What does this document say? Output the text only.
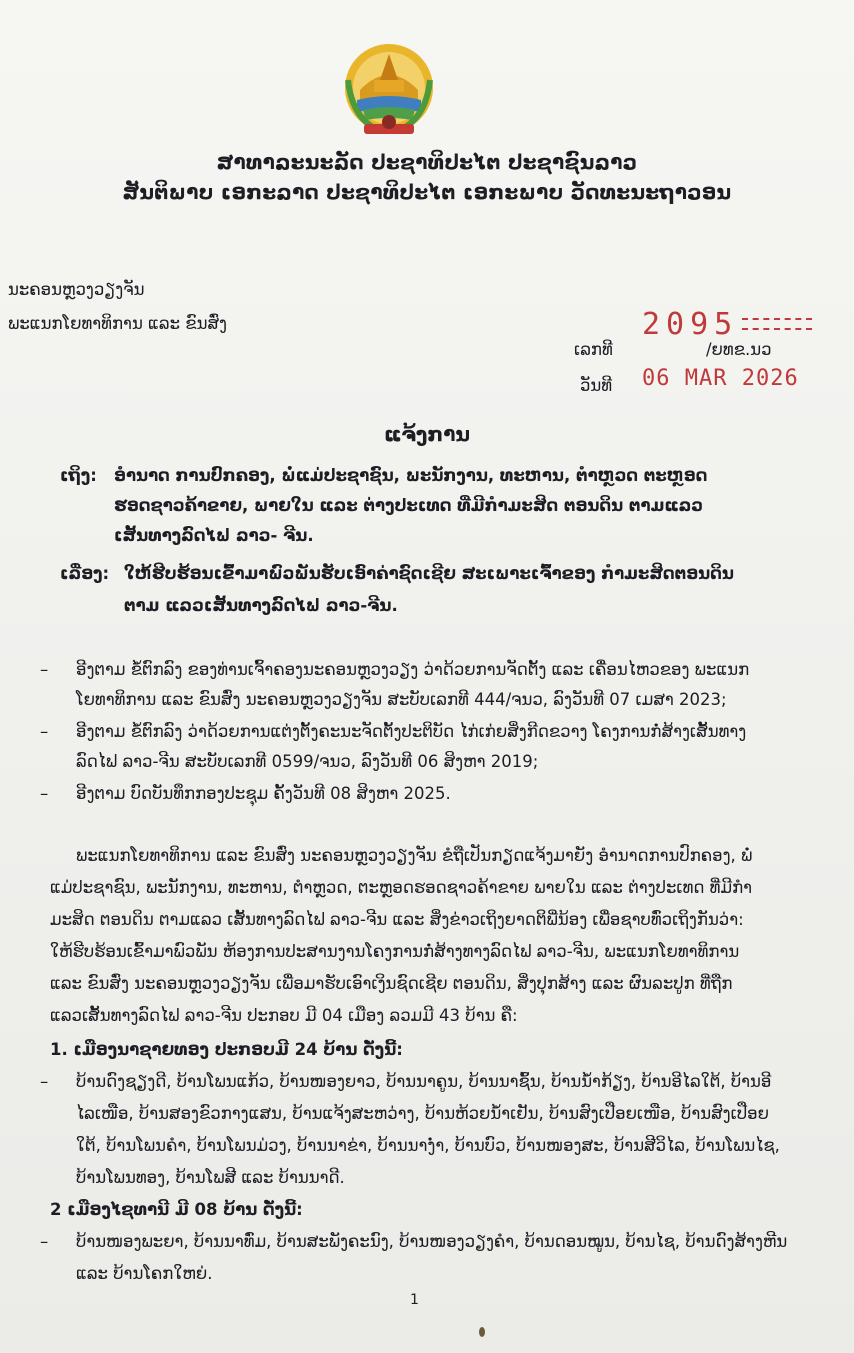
ສາທາລະນະລັດ ປະຊາທິປະໄຕ ປະຊາຊົນລາວ
ສັນຕິພາບ ເອກະລາດ ປະຊາທິປະໄຕ ເອກະພາບ ວັດທະນະຖາວອນ
ນະຄອນຫຼວງວຽງຈັນ
ພະແນກໂຍທາທິການ ແລະ ຂົນສົ່ງ	2095
ເລກທີ	/ຍທຂ.ນວ
ວັນທີ 06 MAR 2026
ແຈ້ງການ
ເຖິງ: ອຳນາດ ການປົກຄອງ, ພໍ່ແມ່ປະຊາຊົນ, ພະນັກງານ, ທະຫານ, ຕຳຫຼວດ ຕະຫຼອດ
ຮອດຊາວຄ້າຂາຍ, ພາຍໃນ ແລະ ຕ່າງປະເທດ ທີ່ມີກຳມະສິດ ຕອນດິນ ຕາມແລວ
ເສັ້ນທາງລົດໄຟ ລາວ- ຈີນ.
ເລື່ອງ: ໃຫ້ຮີບຮ້ອນເຂົ້າມາພົວພັນຮັບເອົາຄ່າຊົດເຊີຍ ສະເພາະເຈົ້າຂອງ ກຳມະສິດຕອນດິນ
ຕາມ ແລວເສັ້ນທາງລົດໄຟ ລາວ-ຈີນ.
– ອີງຕາມ ຂໍ້ຕົກລົງ ຂອງທ່ານເຈົ້າຄອງນະຄອນຫຼວງວຽງ ວ່າດ້ວຍການຈັດຕັ້ງ ແລະ ເຄື່ອນໄຫວຂອງ ພະແນກ
ໂຍທາທິການ ແລະ ຂົນສົ່ງ ນະຄອນຫຼວງວຽງຈັນ ສະບັບເລກທີ 444/ຈນວ, ລົງວັນທີ 07 ເມສາ 2023;
– ອີງຕາມ ຂໍ້ຕົກລົງ ວ່າດ້ວຍການແຕ່ງຕັ້ງຄະນະຈັດຕັ້ງປະຕິບັດ ໄກ່ເກ່ຍສິ່ງກີດຂວາງ ໂຄງການກໍ່ສ້າງເສັ້ນທາງ
ລົດໄຟ ລາວ-ຈີນ ສະບັບເລກທີ 0599/ຈນວ, ລົງວັນທີ 06 ສິງຫາ 2019;
– ອີງຕາມ ບົດບັນທຶກກອງປະຊຸມ ຄັ້ງວັນທີ 08 ສິງຫາ 2025.
ພະແນກໂຍທາທິການ ແລະ ຂົນສົ່ງ ນະຄອນຫຼວງວຽງຈັນ ຂໍຖືເປັນກຽດແຈ້ງມາຍັງ ອຳນາດການປົກຄອງ, ພໍ່
ແມ່ປະຊາຊົນ, ພະນັກງານ, ທະຫານ, ຕຳຫຼວດ, ຕະຫຼອດຮອດຊາວຄ້າຂາຍ ພາຍໃນ ແລະ ຕ່າງປະເທດ ທີ່ມີກຳ
ມະສິດ ຕອນດິນ ຕາມແລວ ເສັ້ນທາງລົດໄຟ ລາວ-ຈີນ ແລະ ສິ່ງຂ່າວເຖິງຍາດຕິພີ່ນ້ອງ ເພື່ອຊາບທົ່ວເຖິງກັນວ່າ:
ໃຫ້ຮີບຮ້ອນເຂົ້າມາພົວພັນ ຫ້ອງການປະສານງານໂຄງການກໍ່ສ້າງທາງລົດໄຟ ລາວ-ຈີນ, ພະແນກໂຍທາທິການ
ແລະ ຂົນສົ່ງ ນະຄອນຫຼວງວຽງຈັນ ເພື່ອມາຮັບເອົາເງິນຊົດເຊີຍ ຕອນດິນ, ສິ່ງປຸກສ້າງ ແລະ ຜົນລະປູກ ທີ່ຖືກ
ແລວເສັ້ນທາງລົດໄຟ ລາວ-ຈີນ ປະກອບ ມີ 04 ເມືອງ ລວມມີ 43 ບ້ານ ຄື:
1. ເມືອງນາຊາຍທອງ ປະກອບມີ 24 ບ້ານ ດັ່ງນີ້:
– ບ້ານດົງຊຽງດີ, ບ້ານໂພນແກ້ວ, ບ້ານໜອງຍາວ, ບ້ານນາຄູນ, ບ້ານນາຊົ້ນ, ບ້ານນ້ຳກ້ຽງ, ບ້ານອີໄລໃຕ້, ບ້ານອີ
ໄລເໜືອ, ບ້ານສອງຂົວກາງແສນ, ບ້ານແຈ້ງສະຫວ່າງ, ບ້ານຫ້ວຍນ້ຳເຢັນ, ບ້ານສົງເປືອຍເໜືອ, ບ້ານສົງເປືອຍ
ໃຕ້, ບ້ານໂພນຄຳ, ບ້ານໂພນມ່ວງ, ບ້ານນາຂ່າ, ບ້ານນາງ່ຳ, ບ້ານບົວ, ບ້ານໜອງສະ, ບ້ານສີວິໄລ, ບ້ານໂພນໄຊ,
ບ້ານໂພນທອງ, ບ້ານໂພສີ ແລະ ບ້ານນາດີ.
2 ເມືອງໄຊທານີ ມີ 08 ບ້ານ ດັ່ງນີ້:
– ບ້ານໜອງພະຍາ, ບ້ານນາທົ່ມ, ບ້ານສະພັງຄະນົງ, ບ້ານໜອງວຽງຄຳ, ບ້ານດອນໝູນ, ບ້ານໄຊ, ບ້ານດົງສ້າງຫີນ
ແລະ ບ້ານໂຄກໃຫຍ່.
1
